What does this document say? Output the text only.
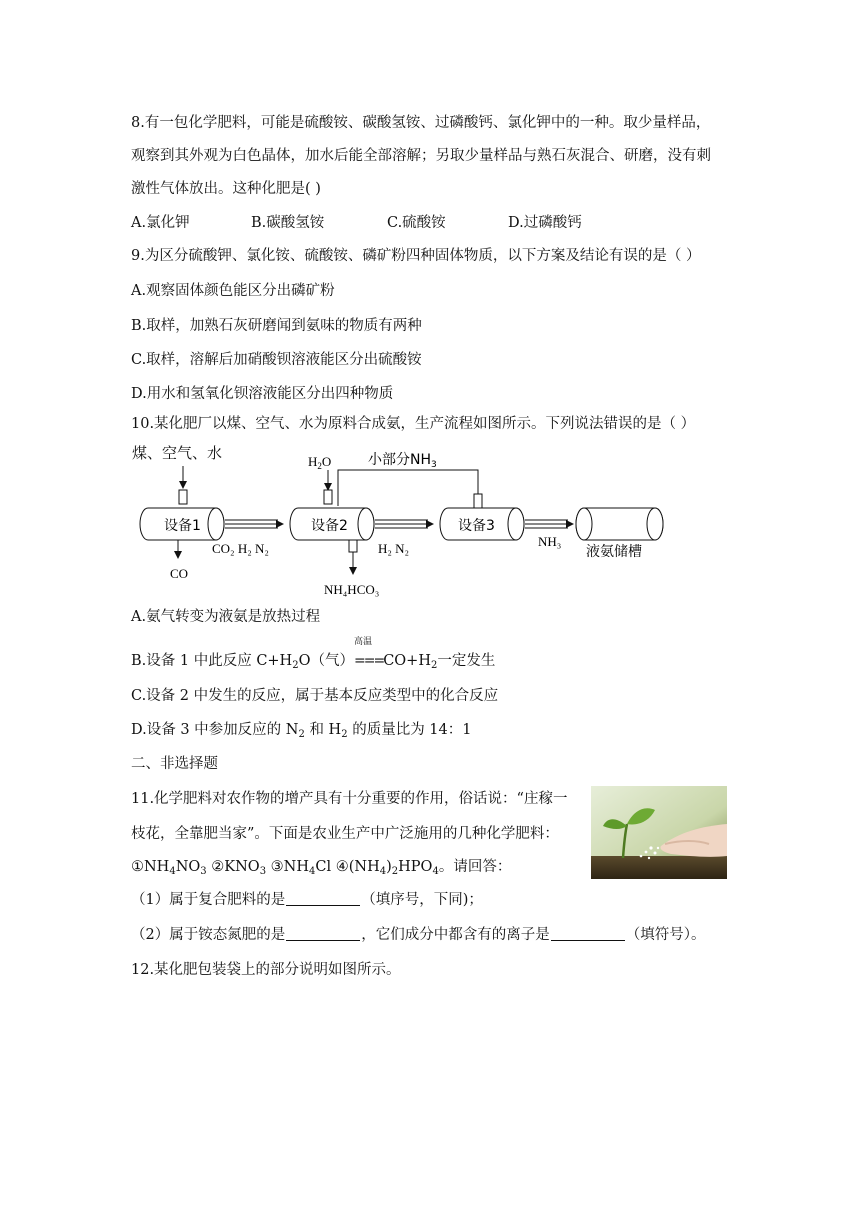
8.有一包化学肥料，可能是硫酸铵、碳酸氢铵、过磷酸钙、氯化钾中的一种。取少量样品，
观察到其外观为白色晶体，加水后能全部溶解；另取少量样品与熟石灰混合、研磨，没有刺
激性气体放出。这种化肥是( )
A.氯化钾	B.碳酸氢铵	C.硫酸铵	D.过磷酸钙
9.为区分硫酸钾、氯化铵、硫酸铵、磷矿粉四种固体物质，以下方案及结论有误的是（ ）
A.观察固体颜色能区分出磷矿粉
B.取样，加熟石灰研磨闻到氨味的物质有两种
C.取样，溶解后加硝酸钡溶液能区分出硫酸铵
D.用水和氢氧化钡溶液能区分出四种物质
10.某化肥厂以煤、空气、水为原料合成氨，生产流程如图所示。下列说法错误的是（ ）
煤、空气、水
设备1
CO
CO₂ H₂ N₂
设备2
$H_2O$	小部分$NH_3$
NH₄HCO₃
H₂ N₂
设备3
NH₃
液氨储槽
A.氨气转变为液氨是放热过程
B.设备 1 中此反应 $C+H_2O$（气）
高温
$===CO+H_2$一定发生
C.设备 2 中发生的反应，属于基本反应类型中的化合反应
D.设备 3 中参加反应的 $N_2$ 和 $H_2$ 的质量比为 14：1
二、非选择题
11.化学肥料对农作物的增产具有十分重要的作用，俗话说：“庄稼一
枝花，全靠肥当家”。下面是农业生产中广泛施用的几种化学肥料：
$①NH_4NO_3$ $②KNO_3$ $③NH_4Cl$ $④(NH_4)_2HPO_4$。请回答：
（1）属于复合肥料的是	（填序号，下同)；
（2）属于铵态氮肥的是	，它们成分中都含有的离子是	（填符号）。
12.某化肥包装袋上的部分说明如图所示。
